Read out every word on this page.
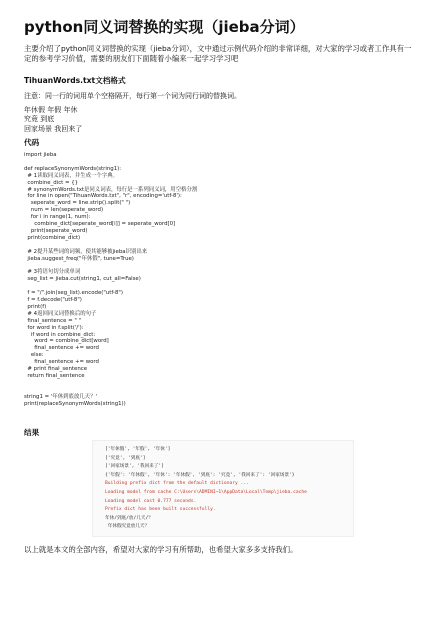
python同义词替换的实现（jieba分词）
主要介绍了python同义词替换的实现（jieba分词），文中通过示例代码介绍的非常详细，对大家的学习或者工作具有一定的参考学习价值，需要的朋友们下面随着小编来一起学习学习吧
TihuanWords.txt文档格式
注意：同一行的词用单个空格隔开，每行第一个词为同行词的替换词。
年休假 年假 年休
究竟 到底
回家场景 我回来了
代码
import jieba
def replaceSynonymWords(string1):
# 1读取同义词表，并生成一个字典。
combine_dict = {}
# synonymWords.txt是同义词表，每行是一系列同义词，用空格分割
for line in open("TihuanWords.txt", "r", encoding='utf-8'):
seperate_word = line.strip().split(" ")
num = len(seperate_word)
for i in range(1, num):
combine_dict[seperate_word[i]] = seperate_word[0]
print(seperate_word)
print(combine_dict)
# 2提升某些词的词频，使其能够被jieba识别出来
jieba.suggest_freq("年休假", tune=True)
# 3将语句切分成单词
seg_list = jieba.cut(string1, cut_all=False)
f = "/".join(seg_list).encode("utf-8")
f = f.decode("utf-8")
print(f)
# 4返回同义词替换后的句子
final_sentence = " "
for word in f.split('/'):
if word in combine_dict:
word = combine_dict[word]
final_sentence += word
else:
final_sentence += word
# print final_sentence
return final_sentence
string1 = '年休到底放几天？'
print(replaceSynonymWords(string1))
结果
['年休假', '年假', '年休']
['究竟', '到底']
['回家场景', '我回来了']
{'年假': '年休假', '年休': '年休假', '到底': '究竟', '我回来了': '回家场景'}
Building prefix dict from the default dictionary ...
Loading model from cache C:\Users\ADMINI~1\AppData\Local\Temp\jieba.cache
Loading model cost 0.777 seconds.
Prefix dict has been built successfully.
年休/到底/放/几天/？
年休假究竟放几天？
以上就是本文的全部内容，希望对大家的学习有所帮助，也希望大家多多支持我们。
